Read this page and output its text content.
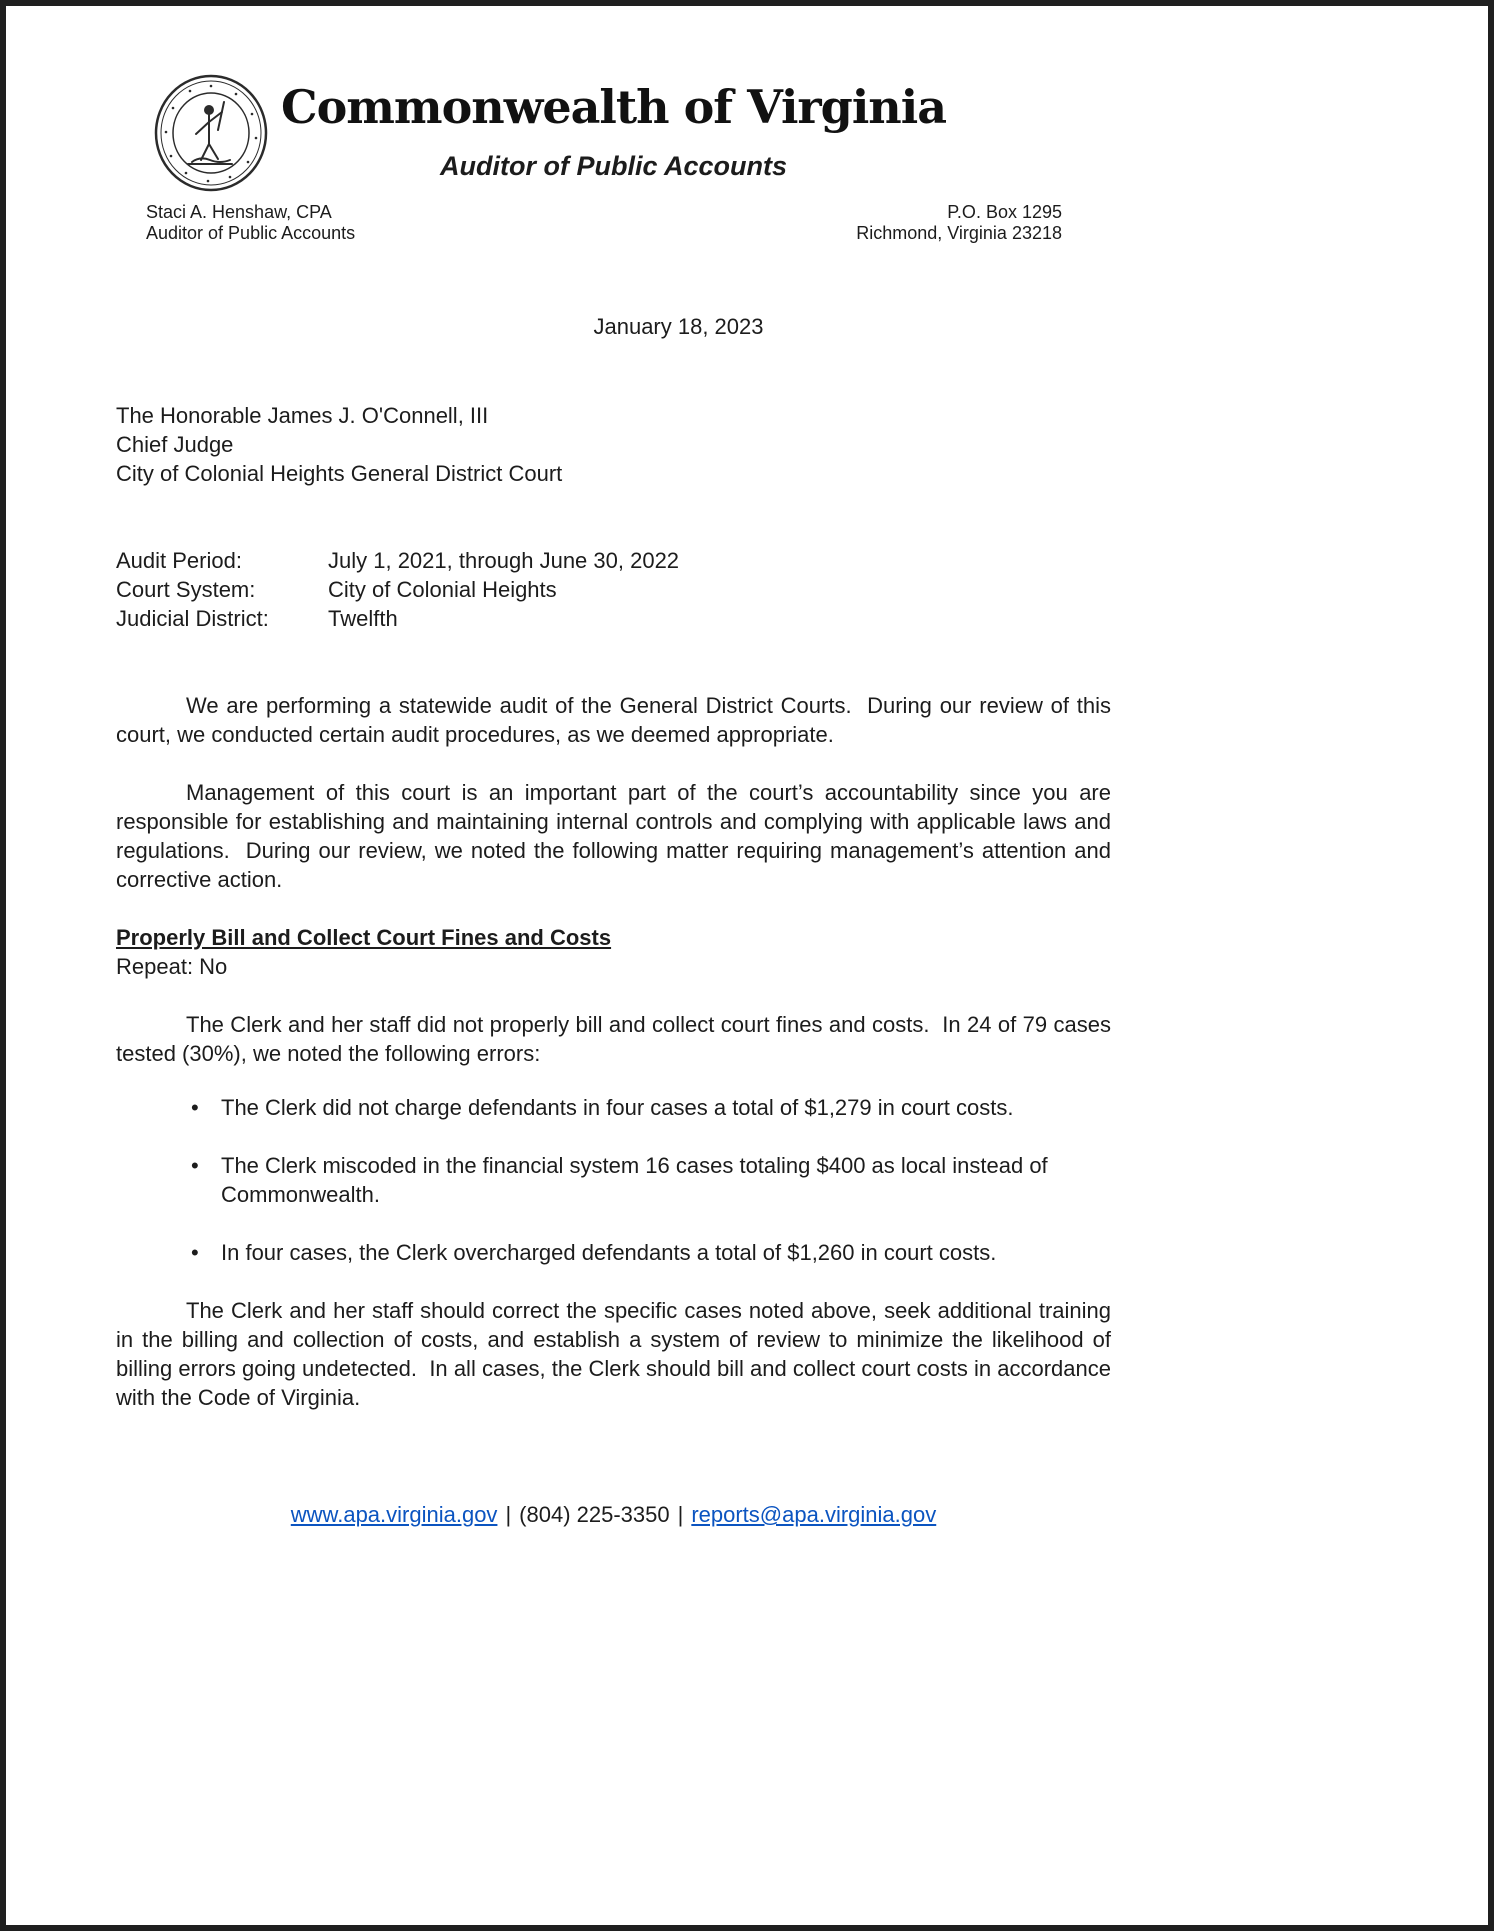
Commonwealth of Virginia
Auditor of Public Accounts
Staci A. Henshaw, CPA
Auditor of Public Accounts
P.O. Box 1295
Richmond, Virginia 23218
January 18, 2023
The Honorable James J. O'Connell, III
Chief Judge
City of Colonial Heights General District Court
Audit Period:	July 1, 2021, through June 30, 2022
Court System:	City of Colonial Heights
Judicial District:	Twelfth

We are performing a statewide audit of the General District Courts.  During our review of this court, we conducted certain audit procedures, as we deemed appropriate.

Management of this court is an important part of the court’s accountability since you are responsible for establishing and maintaining internal controls and complying with applicable laws and regulations.  During our review, we noted the following matter requiring management’s attention and corrective action.

Properly Bill and Collect Court Fines and Costs
Repeat: No

The Clerk and her staff did not properly bill and collect court fines and costs.  In 24 of 79 cases tested (30%), we noted the following errors:

•	The Clerk did not charge defendants in four cases a total of $1,279 in court costs.
•	The Clerk miscoded in the financial system 16 cases totaling $400 as local instead of Commonwealth.
•	In four cases, the Clerk overcharged defendants a total of $1,260 in court costs.

The Clerk and her staff should correct the specific cases noted above, seek additional training in the billing and collection of costs, and establish a system of review to minimize the likelihood of billing errors going undetected.  In all cases, the Clerk should bill and collect court costs in accordance with the Code of Virginia.

www.apa.virginia.gov | (804) 225-3350 | reports@apa.virginia.gov
